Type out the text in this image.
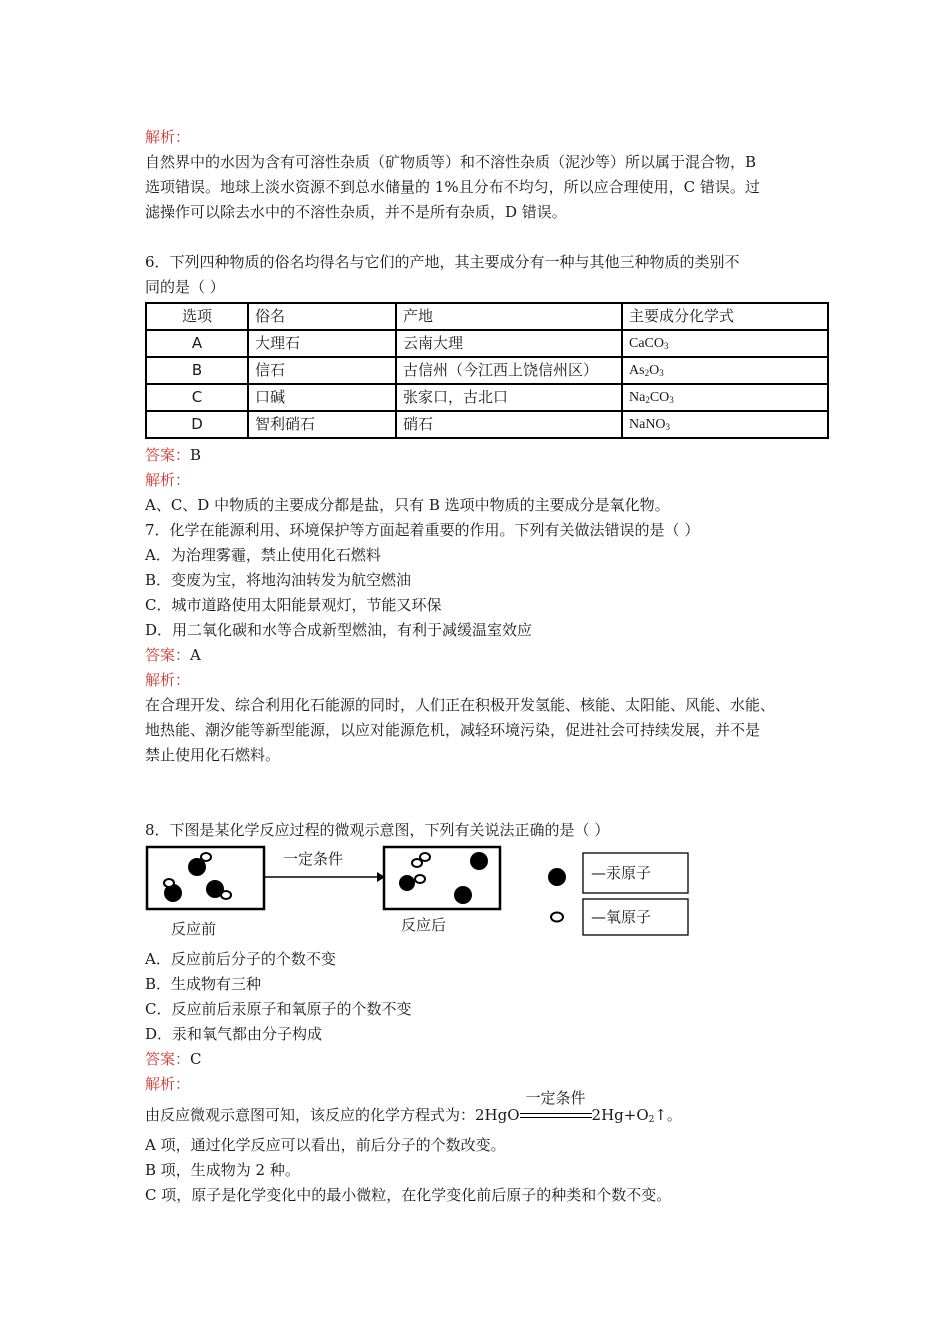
解析：
自然界中的水因为含有可溶性杂质（矿物质等）和不溶性杂质（泥沙等）所以属于混合物，B
选项错误。地球上淡水资源不到总水储量的 1%且分布不均匀，所以应合理使用，C 错误。过
滤操作可以除去水中的不溶性杂质，并不是所有杂质，D 错误。
6．下列四种物质的俗名均得名与它们的产地，其主要成分有一种与其他三种物质的类别不
同的是（ ）
选项	俗名	产地	主要成分化学式
A	大理石	云南大理	CaCO$_3$
B	信石	古信州（今江西上饶信州区）	$As_2O_3$
C	口碱	张家口，古北口	$Na_2CO_3$
D	智利硝石	硝石	NaNO$_3$
答案：B
解析：
A、C、D 中物质的主要成分都是盐，只有 B 选项中物质的主要成分是氧化物。
7．化学在能源利用、环境保护等方面起着重要的作用。下列有关做法错误的是（ ）
A．为治理雾霾，禁止使用化石燃料
B．变废为宝，将地沟油转发为航空燃油
C．城市道路使用太阳能景观灯，节能又环保
D．用二氧化碳和水等合成新型燃油，有利于减缓温室效应
答案：A
解析：
在合理开发、综合利用化石能源的同时，人们正在积极开发氢能、核能、太阳能、风能、水能、
地热能、潮汐能等新型能源，以应对能源危机，减轻环境污染，促进社会可持续发展，并不是
禁止使用化石燃料。
8．下图是某化学反应过程的微观示意图，下列有关说法正确的是（ ）
一定条件
反应前	反应后
—汞原子
—氧原子
A．反应前后分子的个数不变
B．生成物有三种
C．反应前后汞原子和氧原子的个数不变
D．汞和氧气都由分子构成
答案：C
解析：
由反应微观示意图可知，该反应的化学方程式为：2HgO
一定条件
$2Hg+O_2↑$。
A 项，通过化学反应可以看出，前后分子的个数改变。
B 项，生成物为 2 种。
C 项，原子是化学变化中的最小微粒，在化学变化前后原子的种类和个数不变。
